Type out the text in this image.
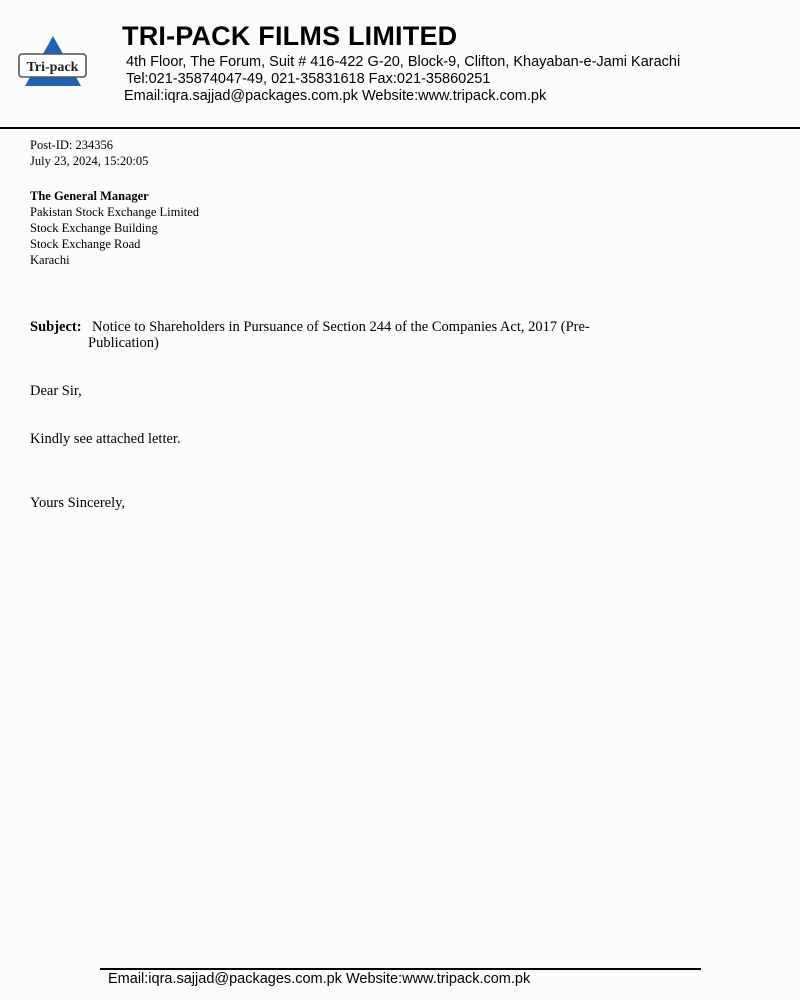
Tri-pack
TRI-PACK FILMS LIMITED
4th Floor, The Forum, Suit # 416-422 G-20, Block-9, Clifton, Khayaban-e-Jami Karachi
Tel:021-35874047-49, 021-35831618 Fax:021-35860251
Email:iqra.sajjad@packages.com.pk Website:www.tripack.com.pk
Post-ID: 234356
July 23, 2024, 15:20:05
The General Manager
Pakistan Stock Exchange Limited
Stock Exchange Building
Stock Exchange Road
Karachi
Subject: Notice to Shareholders in Pursuance of Section 244 of the Companies Act, 2017 (Pre-Publication)
Dear Sir,
Kindly see attached letter.
Yours Sincerely,
Email:iqra.sajjad@packages.com.pk Website:www.tripack.com.pk
